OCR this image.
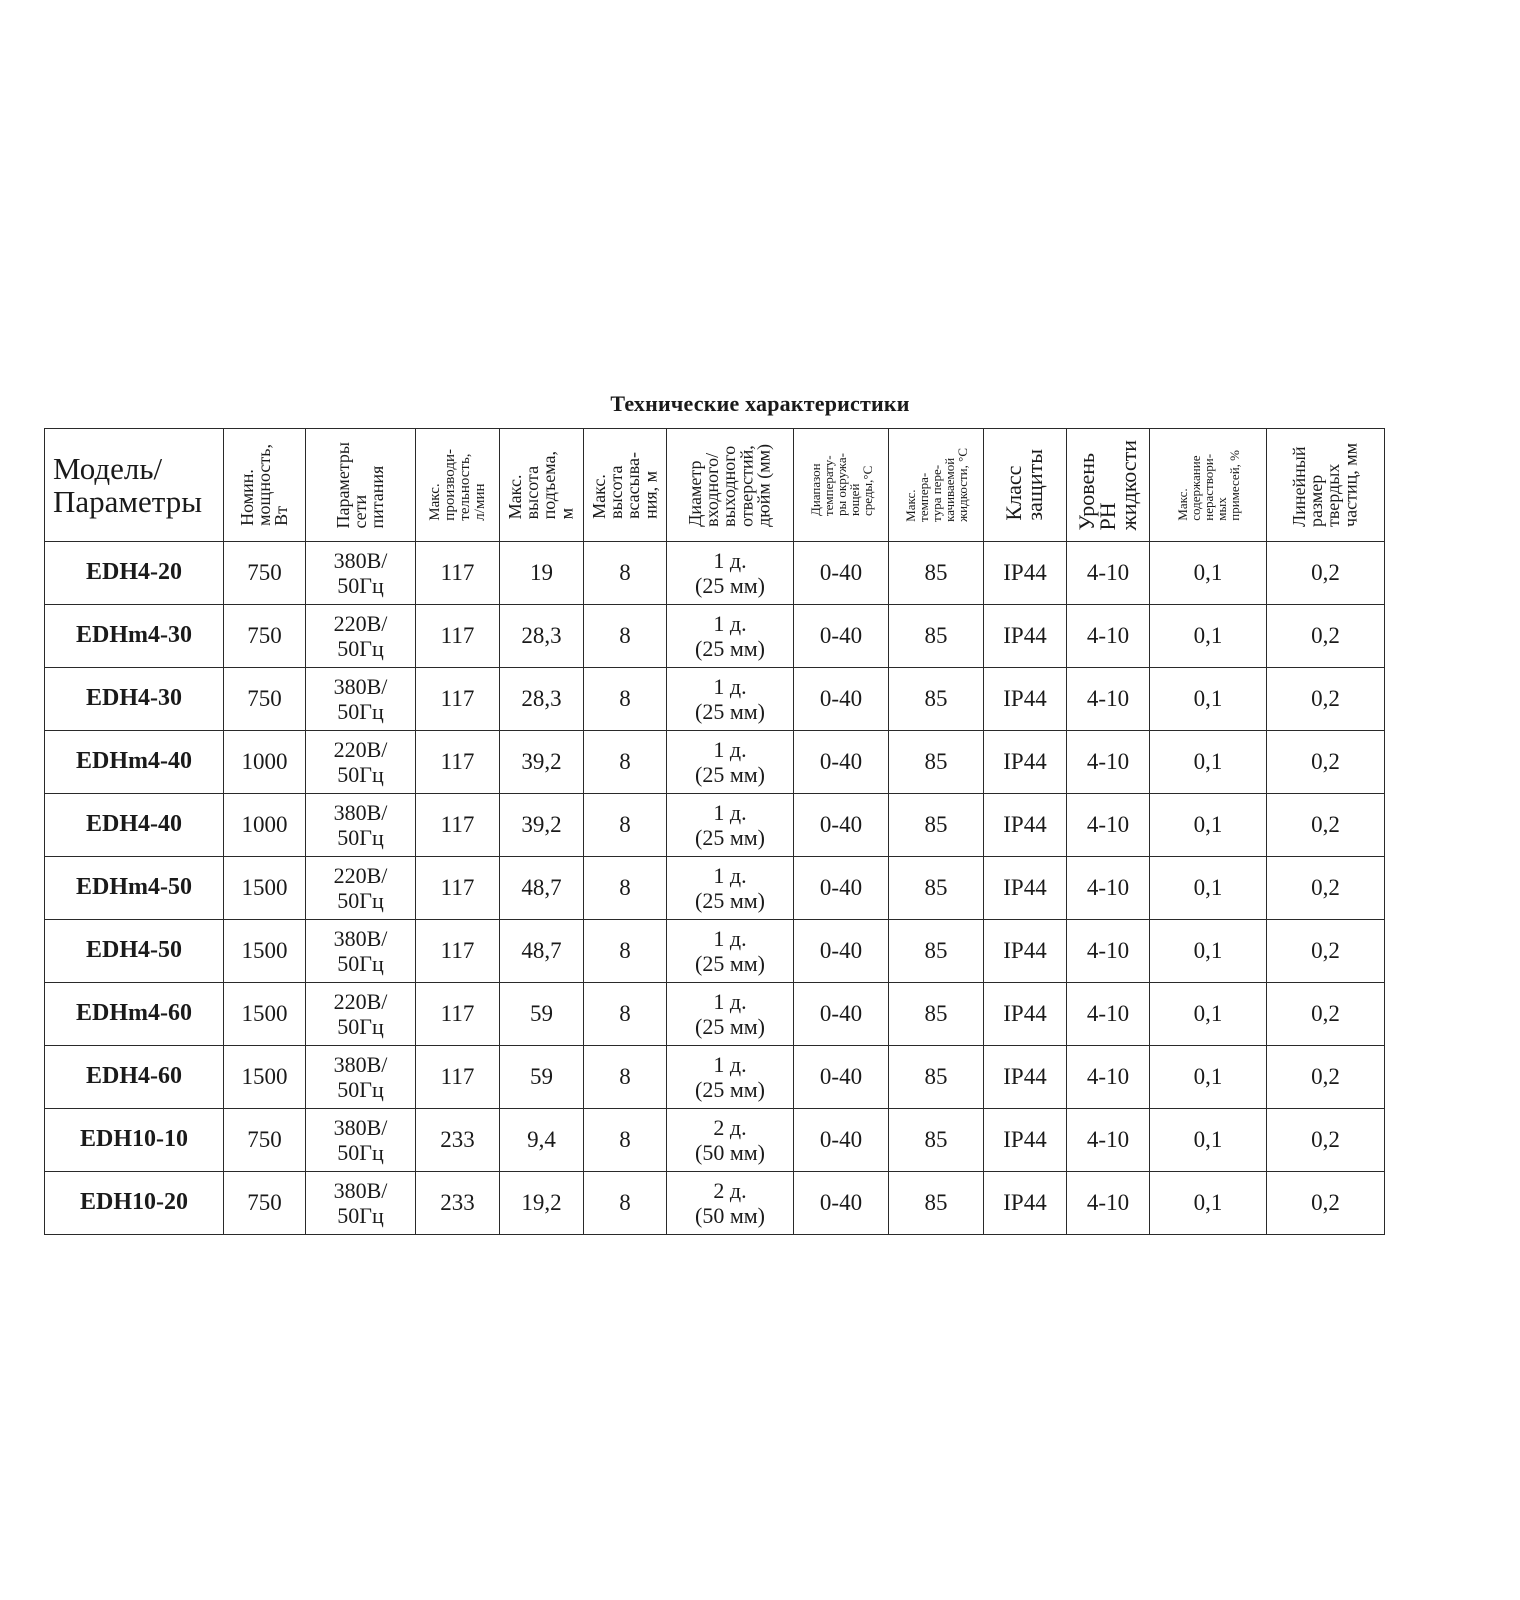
Технические характеристики
Модель/
Параметры	Номин.
мощность,
Вт	Параметры
сети
питания	Макс.
производи-
тельность,
л/мин	Макс.
высота
подъема,
м	Макс.
высота
всасыва-
ния, м	Диаметр
входного/
выходного
отверстий,
дюйм (мм)	Диапазон
температу-
ры окружа-
ющей
среды,°С	Макс.
темпера-
тура пере-
качиваемой
жидкости, °С	Класс
защиты	Уровень
PH
жидкости	Макс.
содержание
нераствори-
мых
примесей, %	Линейный
размер
твердых
частиц, мм

EDH4-20	750	380В/
50Гц	117	19	8	1 д.
(25 мм)	0-40	85	IP44	4-10	0,1	0,2
EDHm4-30	750	220В/
50Гц	117	28,3	8	1 д.
(25 мм)	0-40	85	IP44	4-10	0,1	0,2
EDH4-30	750	380В/
50Гц	117	28,3	8	1 д.
(25 мм)	0-40	85	IP44	4-10	0,1	0,2
EDHm4-40	1000	220В/
50Гц	117	39,2	8	1 д.
(25 мм)	0-40	85	IP44	4-10	0,1	0,2
EDH4-40	1000	380В/
50Гц	117	39,2	8	1 д.
(25 мм)	0-40	85	IP44	4-10	0,1	0,2
EDHm4-50	1500	220В/
50Гц	117	48,7	8	1 д.
(25 мм)	0-40	85	IP44	4-10	0,1	0,2
EDH4-50	1500	380В/
50Гц	117	48,7	8	1 д.
(25 мм)	0-40	85	IP44	4-10	0,1	0,2
EDHm4-60	1500	220В/
50Гц	117	59	8	1 д.
(25 мм)	0-40	85	IP44	4-10	0,1	0,2
EDH4-60	1500	380В/
50Гц	117	59	8	1 д.
(25 мм)	0-40	85	IP44	4-10	0,1	0,2
EDH10-10	750	380В/
50Гц	233	9,4	8	2 д.
(50 мм)	0-40	85	IP44	4-10	0,1	0,2
EDH10-20	750	380В/
50Гц	233	19,2	8	2 д.
(50 мм)	0-40	85	IP44	4-10	0,1	0,2
